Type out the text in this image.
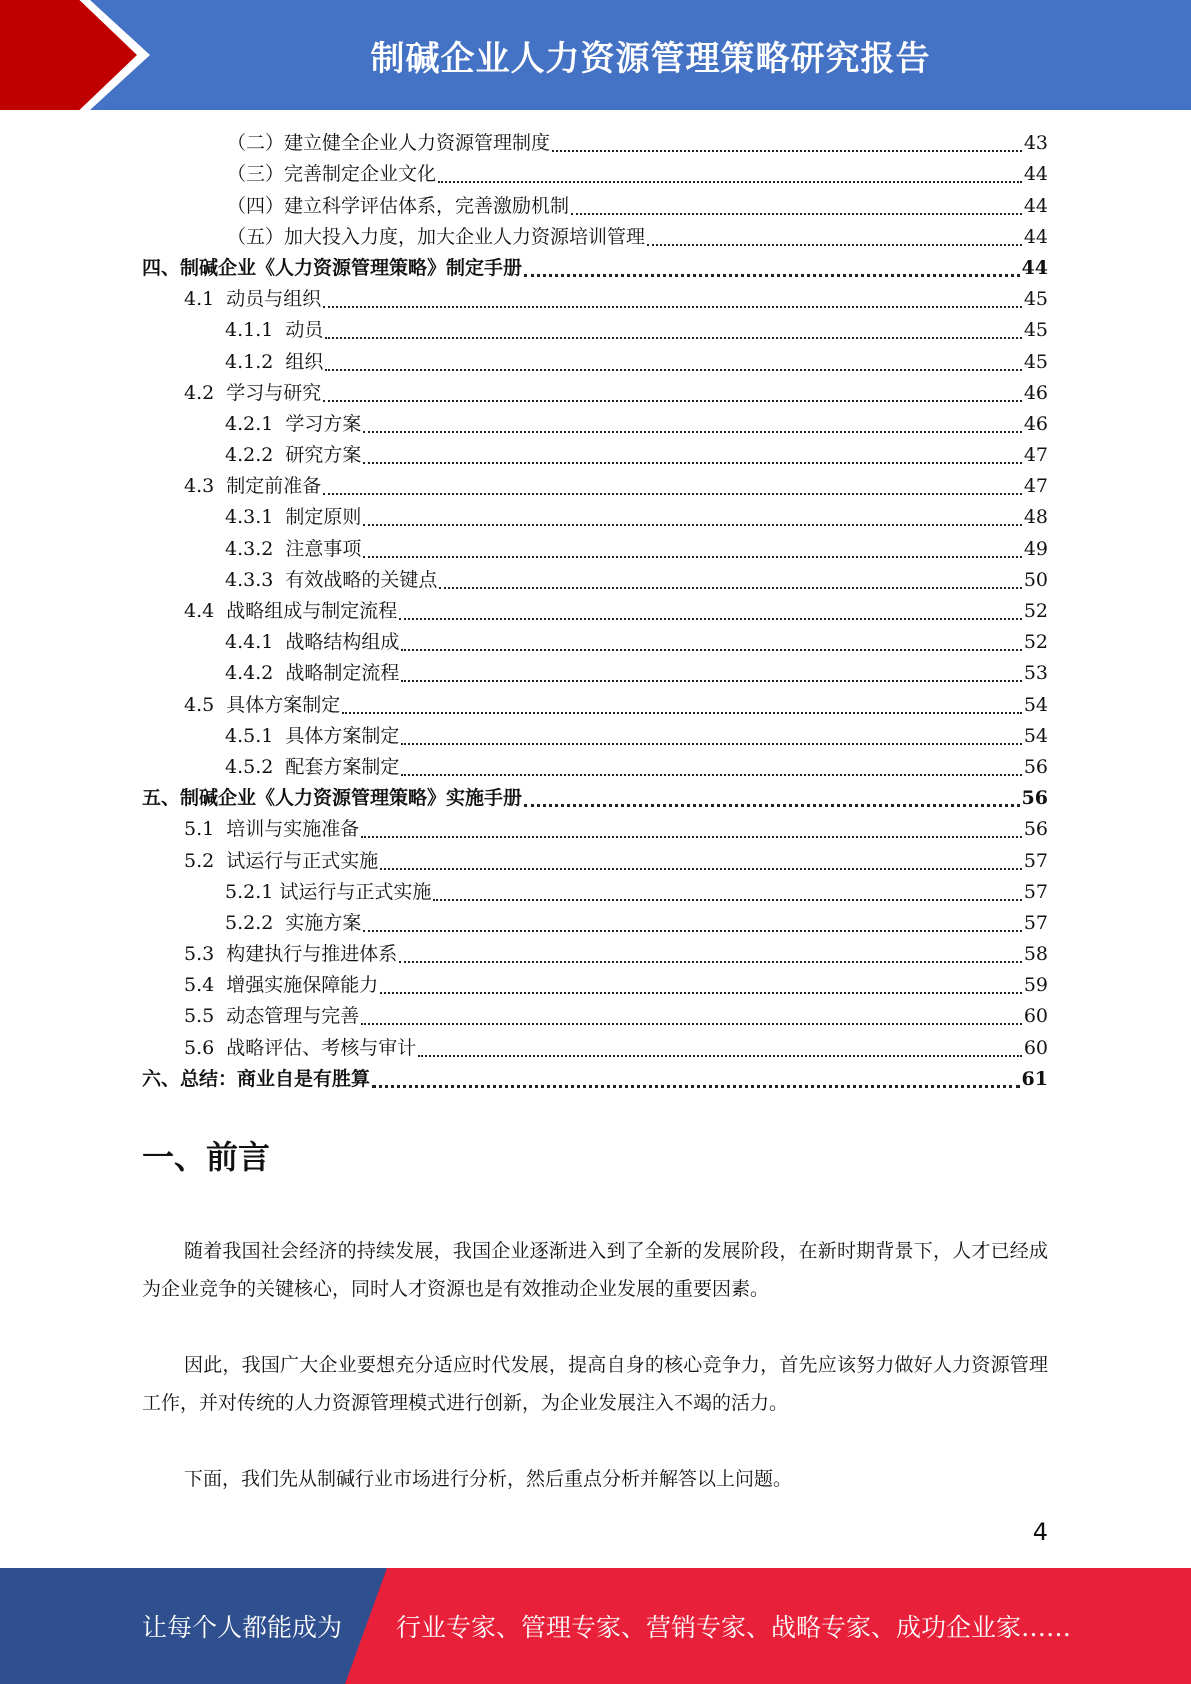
制碱企业人力资源管理策略研究报告
（二）建立健全企业人力资源管理制度	43
（三）完善制定企业文化	44
（四）建立科学评估体系，完善激励机制	44
（五）加大投入力度，加大企业人力资源培训管理	44
四、制碱企业《人力资源管理策略》制定手册	44
4.1  动员与组织	45
4.1.1  动员	45
4.1.2  组织	45
4.2  学习与研究	46
4.2.1  学习方案	46
4.2.2  研究方案	47
4.3  制定前准备	47
4.3.1  制定原则	48
4.3.2  注意事项	49
4.3.3  有效战略的关键点	50
4.4  战略组成与制定流程	52
4.4.1  战略结构组成	52
4.4.2  战略制定流程	53
4.5  具体方案制定	54
4.5.1  具体方案制定	54
4.5.2  配套方案制定	56
五、制碱企业《人力资源管理策略》实施手册	56
5.1  培训与实施准备	56
5.2  试运行与正式实施	57
5.2.1 试运行与正式实施	57
5.2.2  实施方案	57
5.3  构建执行与推进体系	58
5.4  增强实施保障能力	59
5.5  动态管理与完善	60
5.6  战略评估、考核与审计	60
六、总结：商业自是有胜算	61
一、前言

随着我国社会经济的持续发展，我国企业逐渐进入到了全新的发展阶段，在新时期背景下，人才已经成为企业竞争的关键核心，同时人才资源也是有效推动企业发展的重要因素。

因此，我国广大企业要想充分适应时代发展，提高自身的核心竞争力，首先应该努力做好人力资源管理工作，并对传统的人力资源管理模式进行创新，为企业发展注入不竭的活力。

下面，我们先从制碱行业市场进行分析，然后重点分析并解答以上问题。

4
让每个人都能成为 行业专家、管理专家、营销专家、战略专家、成功企业家……
